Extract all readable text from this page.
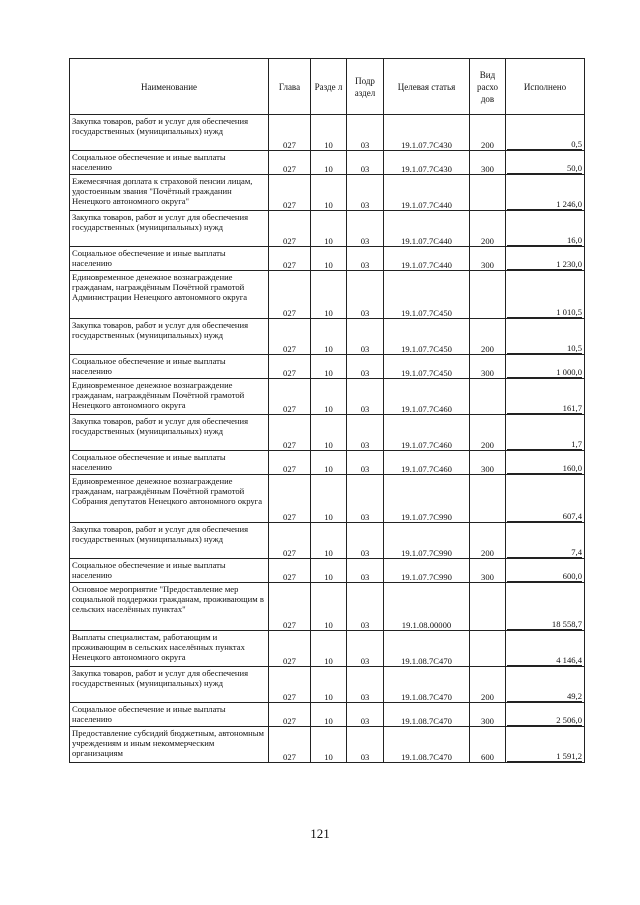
Наименование	Глава	Разде л	Подр аздел	Целевая статья	Вид расхо дов	Исполнено
Закупка товаров, работ и услуг для обеспечения государственных (муниципальных) нужд	027	10	03	19.1.07.7С430	200	0,5

Социальное обеспечение и иные выплаты населению	027	10	03	19.1.07.7С430	300	50,0

Ежемесячная доплата к страховой пенсии лицам, удостоенным звания "Почётный гражданин Ненецкого автономного округа"	027	10	03	19.1.07.7С440		1 246,0

Закупка товаров, работ и услуг для обеспечения государственных (муниципальных) нужд	027	10	03	19.1.07.7С440	200	16,0

Социальное обеспечение и иные выплаты населению	027	10	03	19.1.07.7С440	300	1 230,0

Единовременное денежное вознаграждение гражданам, награждённым Почётной грамотой Администрации Ненецкого автономного округа	027	10	03	19.1.07.7С450		1 010,5

Закупка товаров, работ и услуг для обеспечения государственных (муниципальных) нужд	027	10	03	19.1.07.7С450	200	10,5

Социальное обеспечение и иные выплаты населению	027	10	03	19.1.07.7С450	300	1 000,0

Единовременное денежное вознаграждение гражданам, награждённым Почётной грамотой Ненецкого автономного округа	027	10	03	19.1.07.7С460		161,7

Закупка товаров, работ и услуг для обеспечения государственных (муниципальных) нужд	027	10	03	19.1.07.7С460	200	1,7

Социальное обеспечение и иные выплаты населению	027	10	03	19.1.07.7С460	300	160,0

Единовременное денежное вознаграждение гражданам, награждённым Почётной грамотой Собрания депутатов Ненецкого автономного округа	027	10	03	19.1.07.7С990		607,4

Закупка товаров, работ и услуг для обеспечения государственных (муниципальных) нужд	027	10	03	19.1.07.7С990	200	7,4

Социальное обеспечение и иные выплаты населению	027	10	03	19.1.07.7С990	300	600,0

Основное мероприятие "Предоставление мер социальной поддержки гражданам, проживающим в сельских населённых пунктах"	027	10	03	19.1.08.00000		18 558,7

Выплаты специалистам, работающим и проживающим в сельских населённых пунктах Ненецкого автономного округа	027	10	03	19.1.08.7С470		4 146,4

Закупка товаров, работ и услуг для обеспечения государственных (муниципальных) нужд	027	10	03	19.1.08.7С470	200	49,2

Социальное обеспечение и иные выплаты населению	027	10	03	19.1.08.7С470	300	2 506,0

Предоставление субсидий бюджетным, автономным учреждениям и иным некоммерческим организациям	027	10	03	19.1.08.7С470	600	1 591,2
121
